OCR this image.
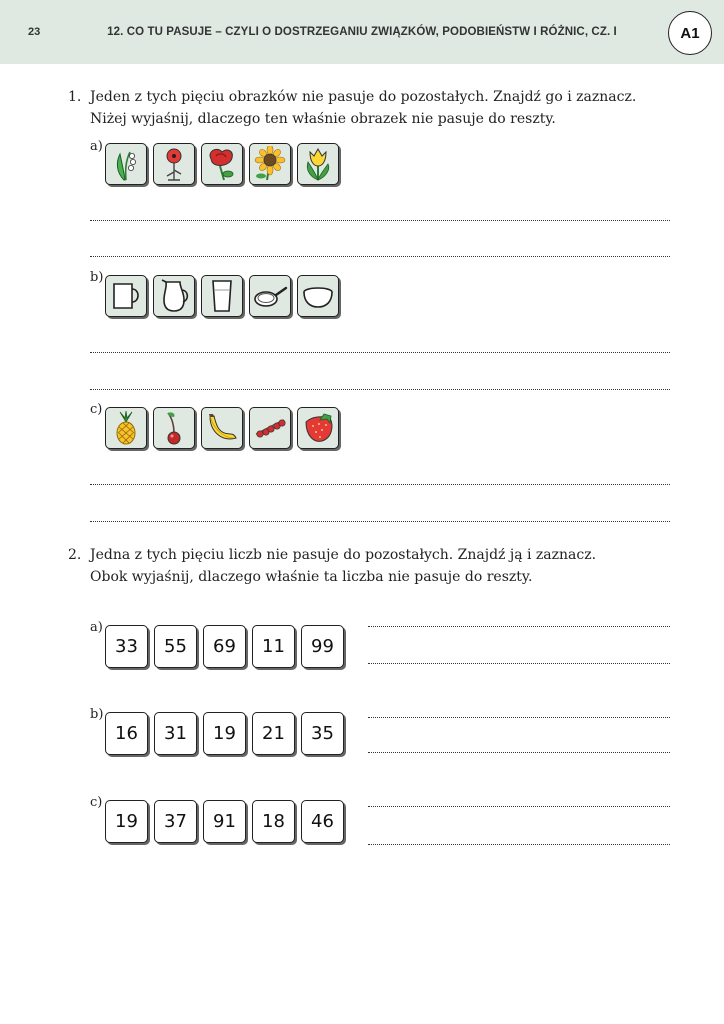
23	12. CO TU PASUJE – CZYLI O DOSTRZEGANIU ZWIĄZKÓW, PODOBIEŃSTW I RÓŻNIC, CZ. I	A1
1. Jeden z tych pięciu obrazków nie pasuje do pozostałych. Znajdź go i zaznacz.
Niżej wyjaśnij, dlaczego ten właśnie obrazek nie pasuje do reszty.
a)
b)
c)
2. Jedna z tych pięciu liczb nie pasuje do pozostałych. Znajdź ją i zaznacz.
Obok wyjaśnij, dlaczego właśnie ta liczba nie pasuje do reszty.
a)
33	55	69	11	99
b)
16	31	19	21	35
c)
19	37	91	18	46
